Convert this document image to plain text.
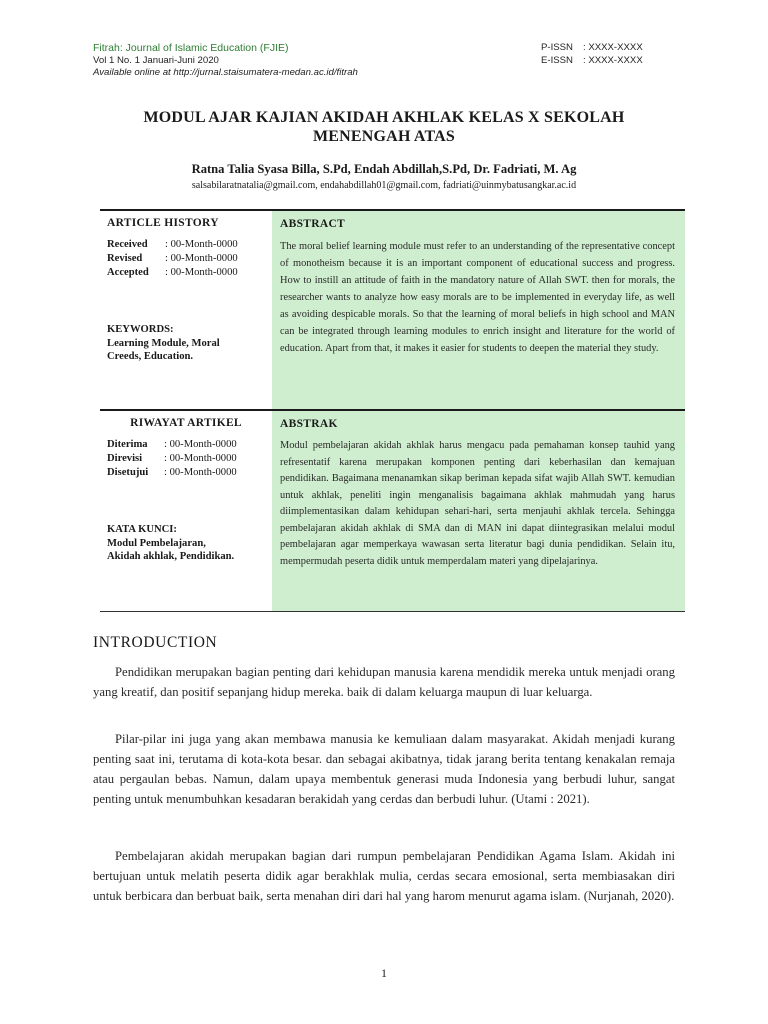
Fitrah: Journal of Islamic Education (FJIE)
Vol 1 No. 1 Januari-Juni 2020
Available online at http://jurnal.staisumatera-medan.ac.id/fitrah
P-ISSN	: XXXX-XXXX
E-ISSN	: XXXX-XXXX
MODUL AJAR KAJIAN AKIDAH AKHLAK KELAS X SEKOLAH
MENENGAH ATAS

Ratna Talia Syasa Billa, S.Pd, Endah Abdillah,S.Pd, Dr. Fadriati, M. Ag

salsabilaratnatalia@gmail.com, endahabdillah01@gmail.com, fadriati@uinmybatusangkar.ac.id

ARTICLE HISTORY
Received	: 00-Month-0000
Revised	: 00-Month-0000
Accepted	: 00-Month-0000
KEYWORDS:
Learning Module, Moral
Creeds, Education.
ABSTRACT

The moral belief learning module must refer to an understanding of the representative concept of monotheism because it is an important component of educational success and progress. How to instill an attitude of faith in the mandatory nature of Allah SWT. then for morals, the researcher wants to analyze how easy morals are to be implemented in everyday life, as well as avoiding despicable morals. So that the learning of moral beliefs in high school and MAN can be integrated through learning modules to enrich insight and literature for the world of education. Apart from that, it makes it easier for students to deepen the material they study.

RIWAYAT ARTIKEL
Diterima	: 00-Month-0000
Direvisi	: 00-Month-0000
Disetujui	: 00-Month-0000
KATA KUNCI:
Modul Pembelajaran,
Akidah akhlak, Pendidikan.
ABSTRAK

Modul pembelajaran akidah akhlak harus mengacu pada pemahaman konsep tauhid yang refresentatif karena merupakan komponen penting dari keberhasilan dan kemajuan pendidikan. Bagaimana menanamkan sikap beriman kepada sifat wajib Allah SWT. kemudian untuk akhlak, peneliti ingin menganalisis bagaimana akhlak mahmudah yang harus diimplementasikan dalam kehidupan sehari-hari, serta menjauhi akhlak tercela. Sehingga pembelajaran akidah akhlak di SMA dan di MAN ini dapat diintegrasikan melalui modul pembelajaran agar memperkaya wawasan serta literatur bagi dunia pendidikan. Selain itu, mempermudah peserta didik untuk memperdalam materi yang dipelajarinya.

INTRODUCTION

Pendidikan merupakan bagian penting dari kehidupan manusia karena mendidik mereka untuk menjadi orang yang kreatif, dan positif sepanjang hidup mereka. baik di dalam keluarga maupun di luar keluarga.

Pilar-pilar ini juga yang akan membawa manusia ke kemuliaan dalam masyarakat. Akidah menjadi kurang penting saat ini, terutama di kota-kota besar. dan sebagai akibatnya, tidak jarang berita tentang kenakalan remaja atau pergaulan bebas. Namun, dalam upaya membentuk generasi muda Indonesia yang berbudi luhur, sangat penting untuk menumbuhkan kesadaran berakidah yang cerdas dan berbudi luhur. (Utami : 2021).

Pembelajaran akidah merupakan bagian dari rumpun pembelajaran Pendidikan Agama Islam. Akidah ini bertujuan untuk melatih peserta didik agar berakhlak mulia, cerdas secara emosional, serta membiasakan diri untuk berbicara dan berbuat baik, serta menahan diri dari hal yang harom menurut agama islam. (Nurjanah, 2020).

1
